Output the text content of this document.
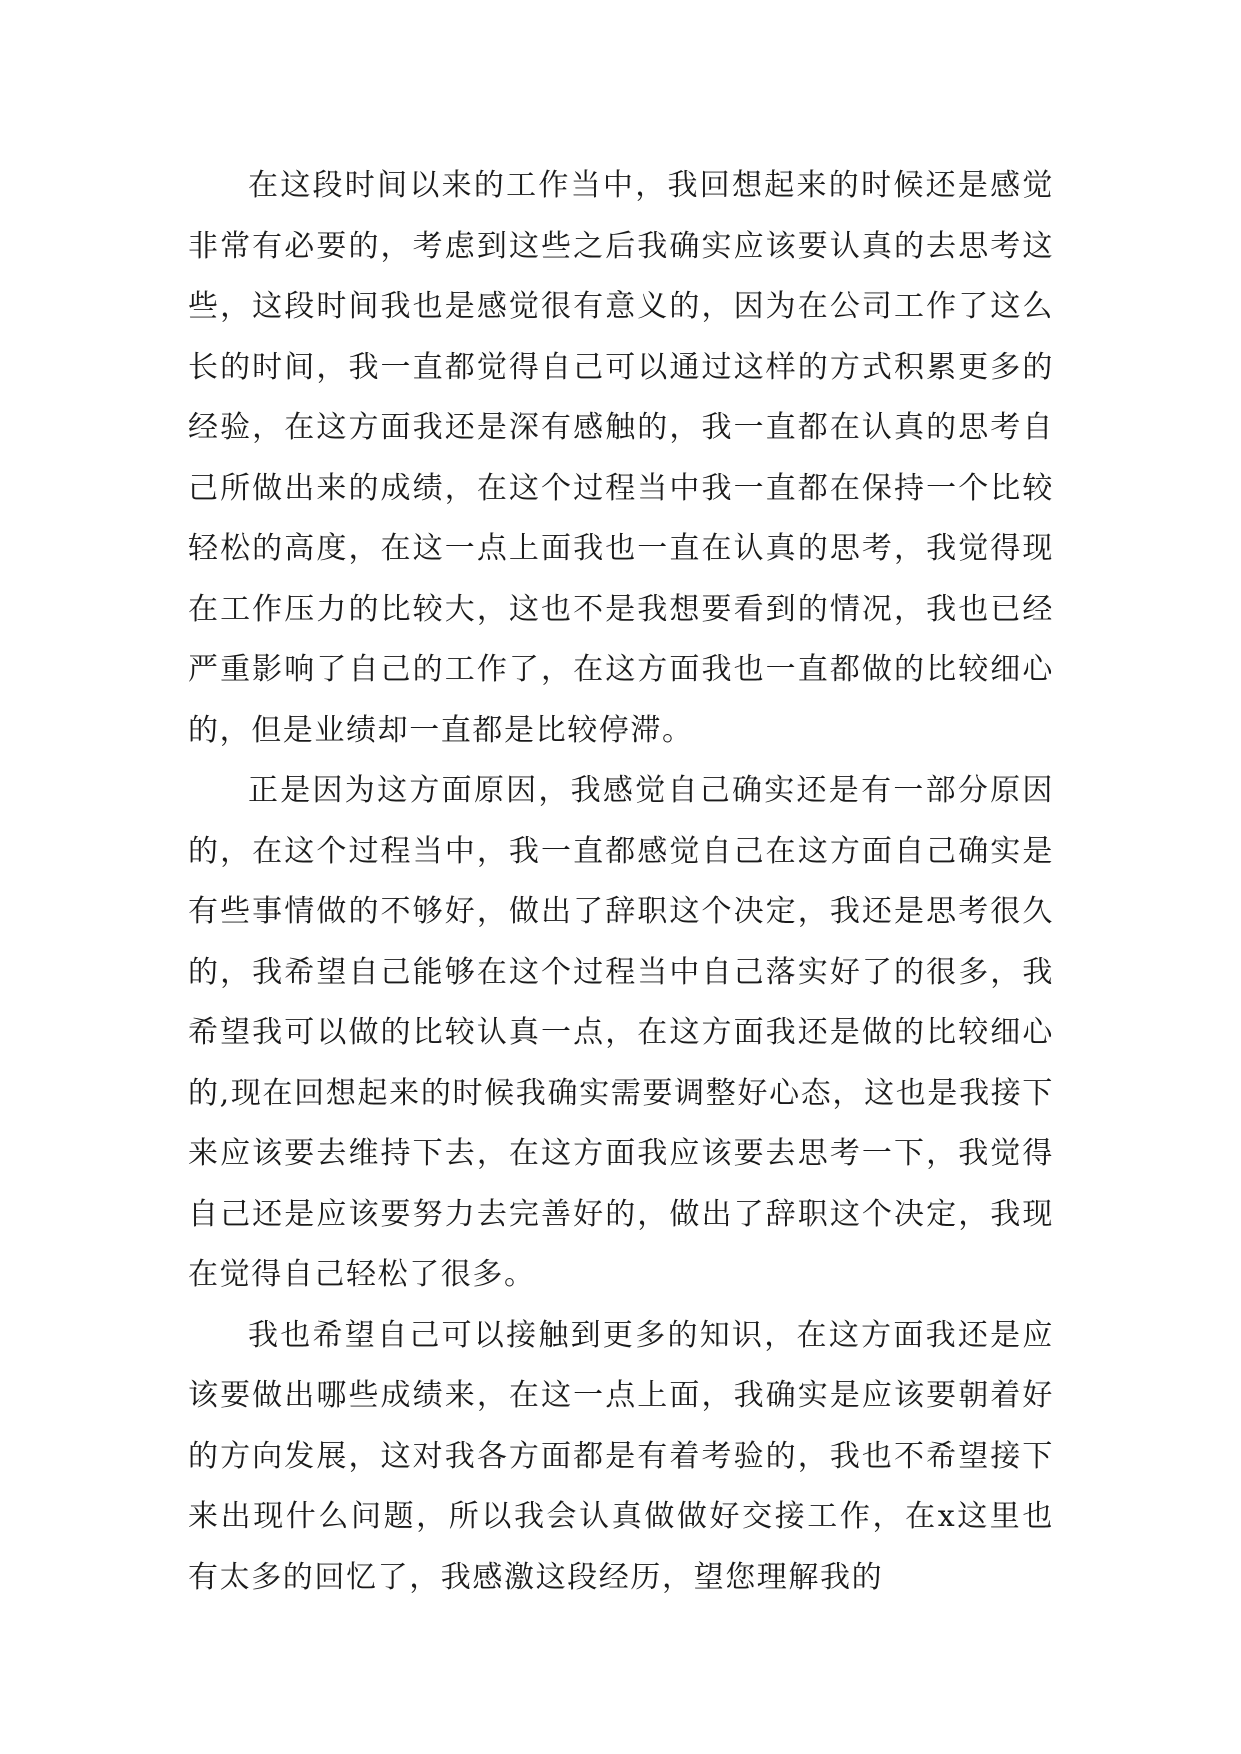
在这段时间以来的工作当中，我回想起来的时候还是感觉非常有必要的，考虑到这些之后我确实应该要认真的去思考这些，这段时间我也是感觉很有意义的，因为在公司工作了这么长的时间，我一直都觉得自己可以通过这样的方式积累更多的经验，在这方面我还是深有感触的，我一直都在认真的思考自己所做出来的成绩，在这个过程当中我一直都在保持一个比较轻松的高度，在这一点上面我也一直在认真的思考，我觉得现在工作压力的比较大，这也不是我想要看到的情况，我也已经严重影响了自己的工作了，在这方面我也一直都做的比较细心的，但是业绩却一直都是比较停滞。

正是因为这方面原因，我感觉自己确实还是有一部分原因的，在这个过程当中，我一直都感觉自己在这方面自己确实是有些事情做的不够好，做出了辞职这个决定，我还是思考很久的，我希望自己能够在这个过程当中自己落实好了的很多，我希望我可以做的比较认真一点，在这方面我还是做的比较细心的,现在回想起来的时候我确实需要调整好心态，这也是我接下来应该要去维持下去，在这方面我应该要去思考一下，我觉得自己还是应该要努力去完善好的，做出了辞职这个决定，我现在觉得自己轻松了很多。

我也希望自己可以接触到更多的知识，在这方面我还是应该要做出哪些成绩来，在这一点上面，我确实是应该要朝着好的方向发展，这对我各方面都是有着考验的，我也不希望接下来出现什么问题，所以我会认真做做好交接工作，在x这里也有太多的回忆了，我感激这段经历，望您理解我的
